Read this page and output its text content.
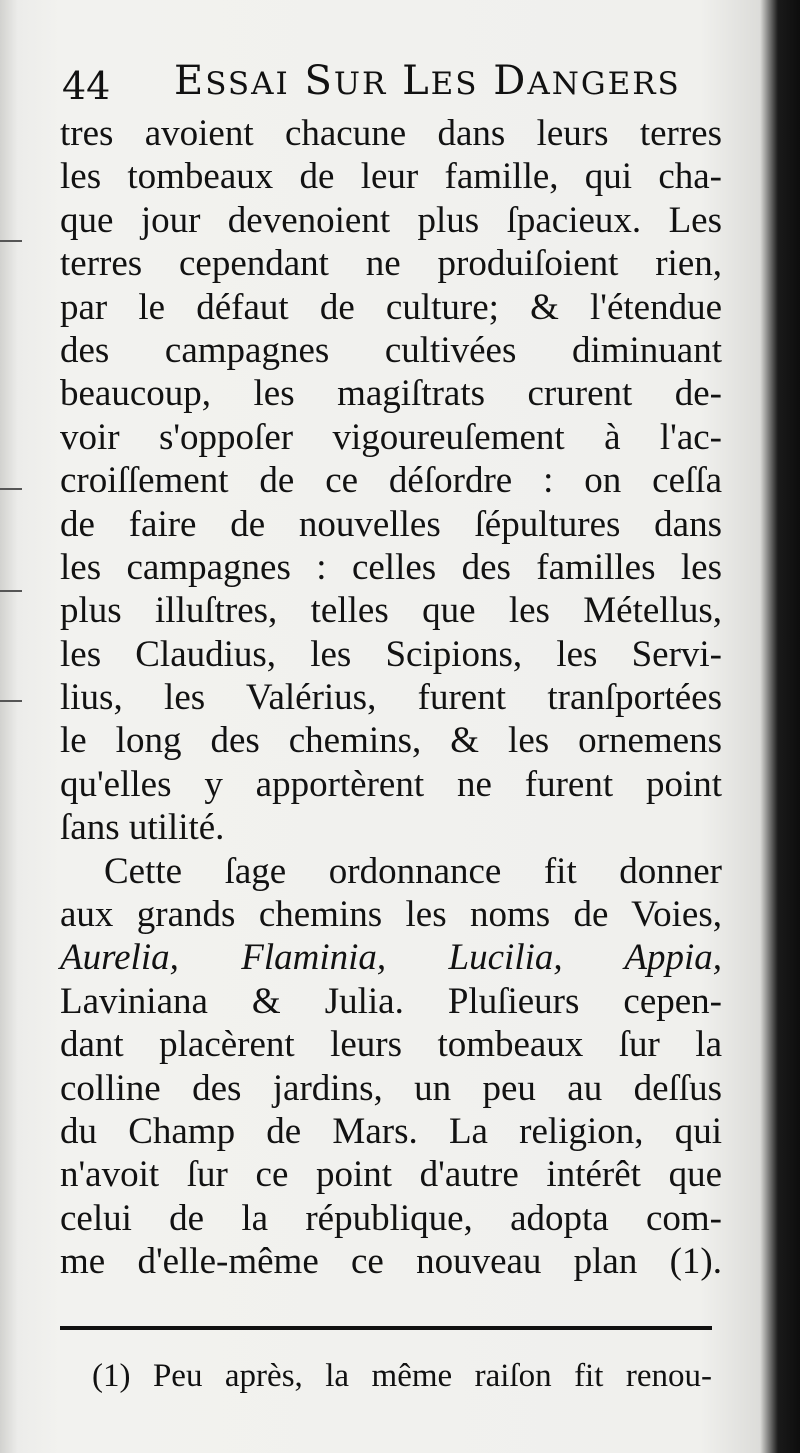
44 ESSAI SUR LES DANGERS
tres avoient chacune dans leurs terres
les tombeaux de leur famille, qui cha-
que jour devenoient plus ſpacieux. Les
terres cependant ne produiſoient rien,
par le défaut de culture; & l'étendue
des campagnes cultivées diminuant
beaucoup, les magiſtrats crurent de-
voir s'oppoſer vigoureuſement à l'ac-
croiſſement de ce déſordre : on ceſſa
de faire de nouvelles ſépultures dans
les campagnes : celles des familles les
plus illuſtres, telles que les Métellus,
les Claudius, les Scipions, les Servi-
lius, les Valérius, furent tranſportées
le long des chemins, & les ornemens
qu'elles y apportèrent ne furent point
ſans utilité.
Cette ſage ordonnance fit donner
aux grands chemins les noms de Voies,
Aurelia, Flaminia, Lucilia, Appia,
Laviniana & Julia. Pluſieurs cepen-
dant placèrent leurs tombeaux ſur la
colline des jardins, un peu au deſſus
du Champ de Mars. La religion, qui
n'avoit ſur ce point d'autre intérêt que
celui de la république, adopta com-
me d'elle-même ce nouveau plan (1).
(1) Peu après, la même raiſon fit renou-
